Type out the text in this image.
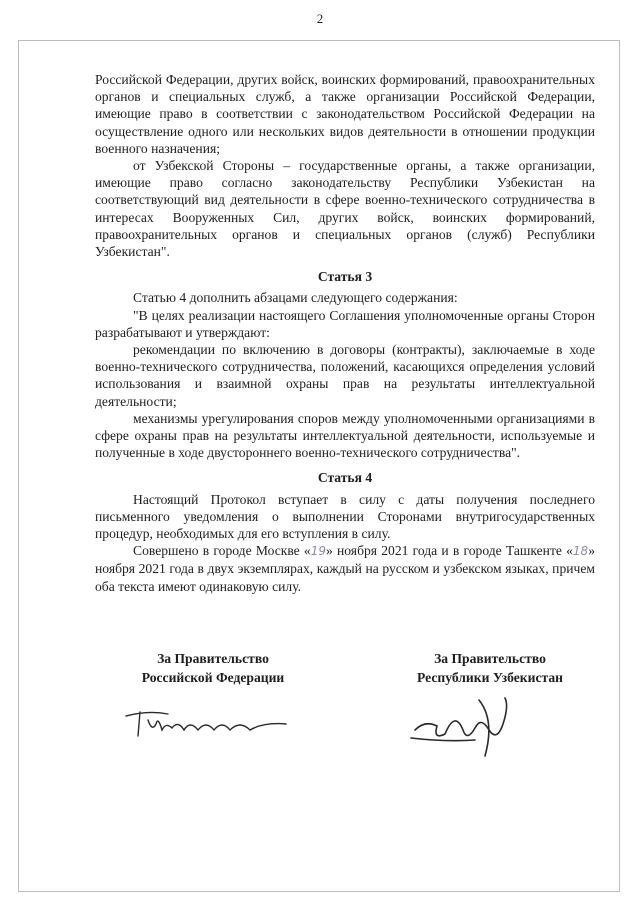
2

Российской Федерации, других войск, воинских формирований, правоохранительных органов и специальных служб, а также организации Российской Федерации, имеющие право в соответствии с законодательством Российской Федерации на осуществление одного или нескольких видов деятельности в отношении продукции военного назначения;

от Узбекской Стороны – государственные органы, а также организации, имеющие право согласно законодательству Республики Узбекистан на соответствующий вид деятельности в сфере военно-технического сотрудничества в интересах Вооруженных Сил, других войск, воинских формирований, правоохранительных органов и специальных органов (служб) Республики Узбекистан".

Статья 3

Статью 4 дополнить абзацами следующего содержания:

"В целях реализации настоящего Соглашения уполномоченные органы Сторон разрабатывают и утверждают:

рекомендации по включению в договоры (контракты), заключаемые в ходе военно-технического сотрудничества, положений, касающихся определения условий использования и взаимной охраны прав на результаты интеллектуальной деятельности;

механизмы урегулирования споров между уполномоченными организациями в сфере охраны прав на результаты интеллектуальной деятельности, используемые и полученные в ходе двустороннего военно-технического сотрудничества".

Статья 4

Настоящий Протокол вступает в силу с даты получения последнего письменного уведомления о выполнении Сторонами внутригосударственных процедур, необходимых для его вступления в силу.

Совершено в городе Москве «19» ноября 2021 года и в городе Ташкенте «18» ноября 2021 года в двух экземплярах, каждый на русском и узбекском языках, причем оба текста имеют одинаковую силу.

За Правительство
Российской Федерации
За Правительство
Республики Узбекистан
